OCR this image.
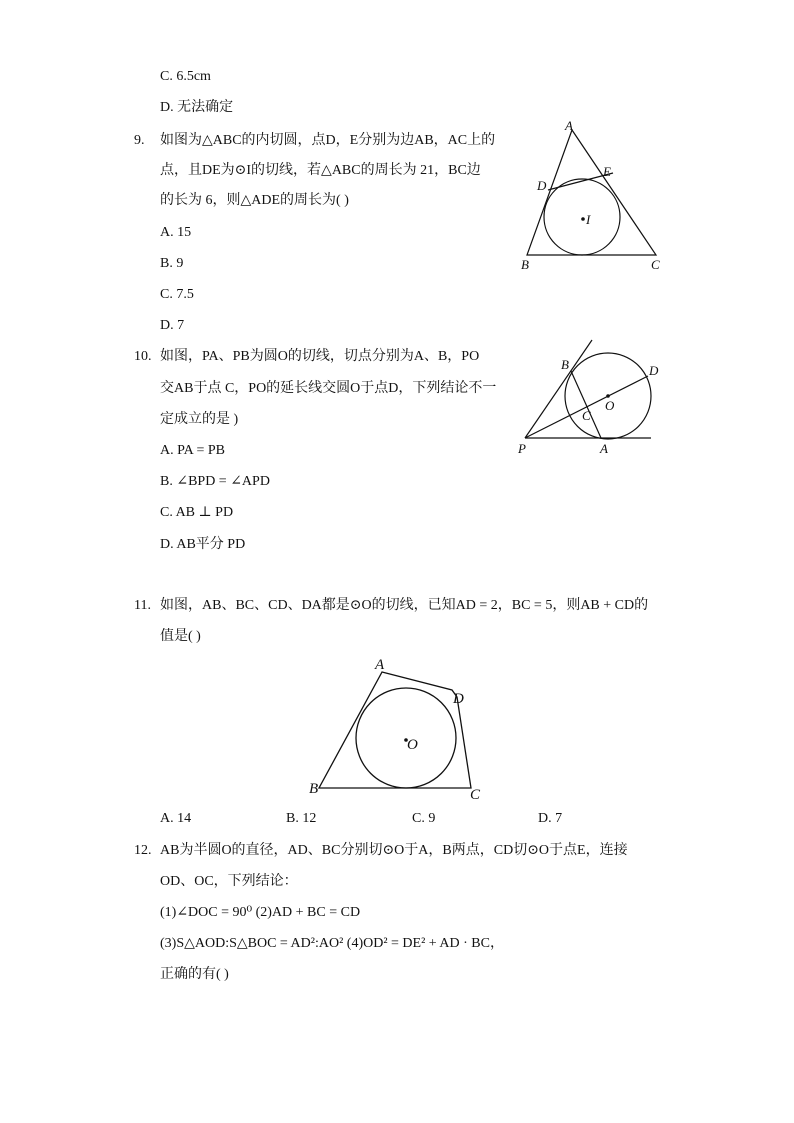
C. 6.5cm
D. 无法确定
9. 如图为△ABC的内切圆，点D，E分别为边AB，AC上的
点，且DE为⊙I的切线，若△ABC的周长为 21，BC边
的长为 6，则△ADE的周长为( )
A. 15
B. 9
C. 7.5
D. 7
A
B	C
D
E
I
10. 如图，PA、PB为圆O的切线，切点分别为A、B，PO
交AB于点 C，PO的延长线交圆O于点D，下列结论不一
定成立的是 )
A. PA = PB
B. ∠BPD = ∠APD
C. AB ⊥ PD
D. AB平分 PD
B	D
C
O
P	A
11. 如图，AB、BC、CD、DA都是⊙O的切线，已知AD = 2，BC = 5，则AB + CD的
值是( )
A
D
O
B	C
A. 14	B. 12	C. 9	D. 7
12. AB为半圆O的直径，AD、BC分别切⊙O于A，B两点，CD切⊙O于点E，连接
OD、OC，下列结论：
(1)∠DOC = 90⁰ (2)AD + BC = CD
(3)S△AOD:S△BOC = AD²:AO² (4)OD² = DE² + AD · BC，
正确的有( )
